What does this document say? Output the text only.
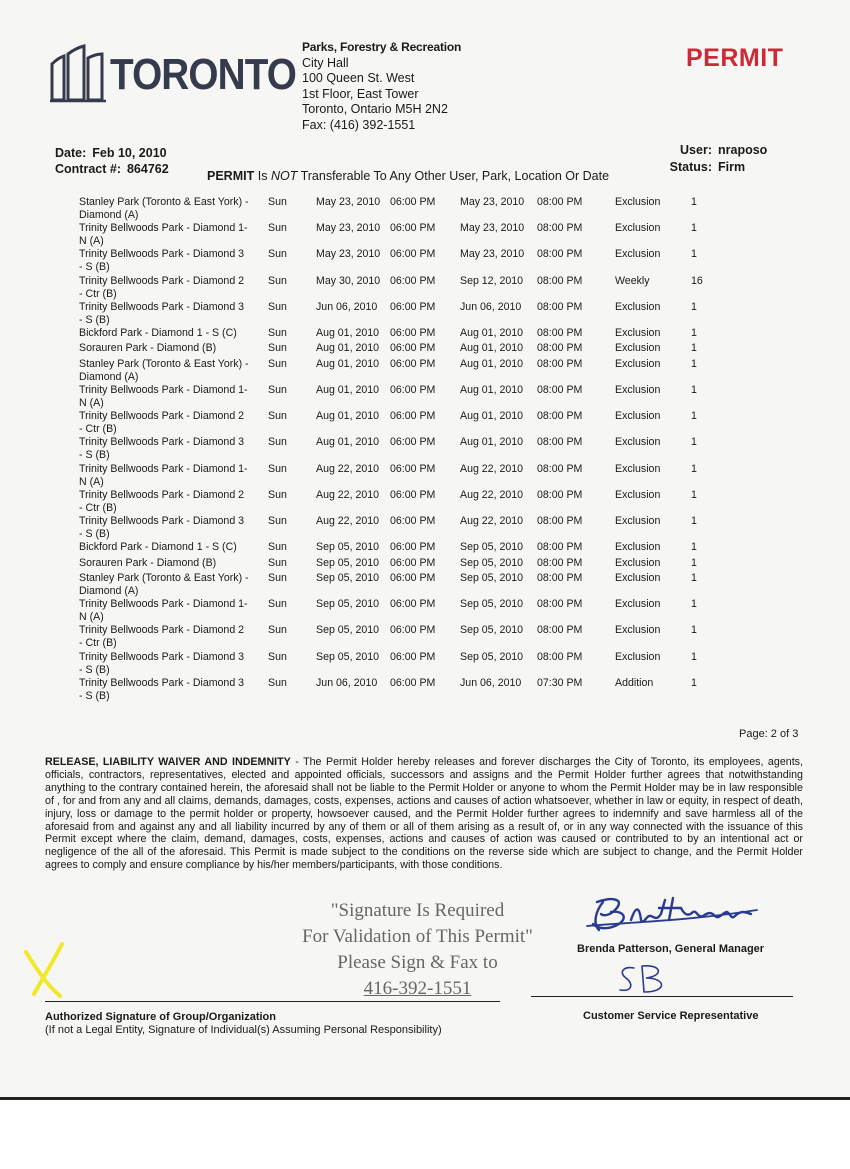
TORONTO
Parks, Forestry & Recreation
City Hall
100 Queen St. West
1st Floor, East Tower
Toronto, Ontario M5H 2N2
Fax: (416) 392-1551
PERMIT
Date: Feb 10, 2010
Contract #: 864762
User: nraposo
Status: Firm
PERMIT Is NOT Transferable To Any Other User, Park, Location Or Date
Stanley Park (Toronto & East York) -
Diamond (A)
Sun	May 23, 2010 06:00 PM May 23, 2010 08:00 PM	Exclusion	1
Trinity Bellwoods Park - Diamond 1-
N (A)
Sun	May 23, 2010 06:00 PM May 23, 2010 08:00 PM	Exclusion	1
Trinity Bellwoods Park - Diamond 3
- S (B)
Sun	May 23, 2010 06:00 PM May 23, 2010 08:00 PM	Exclusion	1
Trinity Bellwoods Park - Diamond 2
- Ctr (B)
Sun	May 30, 2010 06:00 PM Sep 12, 2010 08:00 PM	Weekly	16
Trinity Bellwoods Park - Diamond 3
- S (B)
Sun	Jun 06, 2010 06:00 PM Jun 06, 2010 08:00 PM	Exclusion	1
Bickford Park - Diamond 1 - S (C)	Sun	Aug 01, 2010 06:00 PM Aug 01, 2010 08:00 PM	Exclusion	1
Sorauren Park - Diamond (B)	Sun	Aug 01, 2010 06:00 PM Aug 01, 2010 08:00 PM	Exclusion	1
Stanley Park (Toronto & East York) -
Diamond (A)
Sun	Aug 01, 2010 06:00 PM Aug 01, 2010 08:00 PM	Exclusion	1
Trinity Bellwoods Park - Diamond 1-
N (A)
Sun	Aug 01, 2010 06:00 PM Aug 01, 2010 08:00 PM	Exclusion	1
Trinity Bellwoods Park - Diamond 2
- Ctr (B)
Sun	Aug 01, 2010 06:00 PM Aug 01, 2010 08:00 PM	Exclusion	1
Trinity Bellwoods Park - Diamond 3
- S (B)
Sun	Aug 01, 2010 06:00 PM Aug 01, 2010 08:00 PM	Exclusion	1
Trinity Bellwoods Park - Diamond 1-
N (A)
Sun	Aug 22, 2010 06:00 PM Aug 22, 2010 08:00 PM	Exclusion	1
Trinity Bellwoods Park - Diamond 2
- Ctr (B)
Sun	Aug 22, 2010 06:00 PM Aug 22, 2010 08:00 PM	Exclusion	1
Trinity Bellwoods Park - Diamond 3
- S (B)
Sun	Aug 22, 2010 06:00 PM Aug 22, 2010 08:00 PM	Exclusion	1
Bickford Park - Diamond 1 - S (C)	Sun	Sep 05, 2010 06:00 PM Sep 05, 2010 08:00 PM	Exclusion	1
Sorauren Park - Diamond (B)	Sun	Sep 05, 2010 06:00 PM Sep 05, 2010 08:00 PM	Exclusion	1
Stanley Park (Toronto & East York) -
Diamond (A)
Sun	Sep 05, 2010 06:00 PM Sep 05, 2010 08:00 PM	Exclusion	1
Trinity Bellwoods Park - Diamond 1-
N (A)
Sun	Sep 05, 2010 06:00 PM Sep 05, 2010 08:00 PM	Exclusion	1
Trinity Bellwoods Park - Diamond 2
- Ctr (B)
Sun	Sep 05, 2010 06:00 PM Sep 05, 2010 08:00 PM	Exclusion	1
Trinity Bellwoods Park - Diamond 3
- S (B)
Sun	Sep 05, 2010 06:00 PM Sep 05, 2010 08:00 PM	Exclusion	1
Trinity Bellwoods Park - Diamond 3
- S (B)
Sun	Jun 06, 2010 06:00 PM Jun 06, 2010 07:30 PM	Addition	1
Page: 2 of 3
RELEASE, LIABILITY WAIVER AND INDEMNITY - The Permit Holder hereby releases and forever discharges the City of Toronto, its employees, agents, officials, contractors, representatives, elected and appointed officials, successors and assigns and the Permit Holder further agrees that notwithstanding anything to the contrary contained herein, the aforesaid shall not be liable to the Permit Holder or anyone to whom the Permit Holder may be in law responsible of , for and from any and all claims, demands, damages, costs, expenses, actions and causes of action whatsoever, whether in law or equity, in respect of death, injury, loss or damage to the permit holder or property, howsoever caused, and the Permit Holder further agrees to indemnify and save harmless all of the aforesaid from and against any and all liability incurred by any of them or all of them arising as a result of, or in any way connected with the issuance of this Permit except where the claim, demand, damages, costs, expenses, actions and causes of action was caused or contributed to by an intentional act or negligence of the all of the aforesaid. This Permit is made subject to the conditions on the reverse side which are subject to change, and the Permit Holder agrees to comply and ensure compliance by his/her members/participants, with those conditions.
"Signature Is Required
For Validation of This Permit"
Please Sign & Fax to
416-392-1551
Brenda Patterson, General Manager
Authorized Signature of Group/Organization
(If not a Legal Entity, Signature of Individual(s) Assuming Personal Responsibility)
Customer Service Representative
